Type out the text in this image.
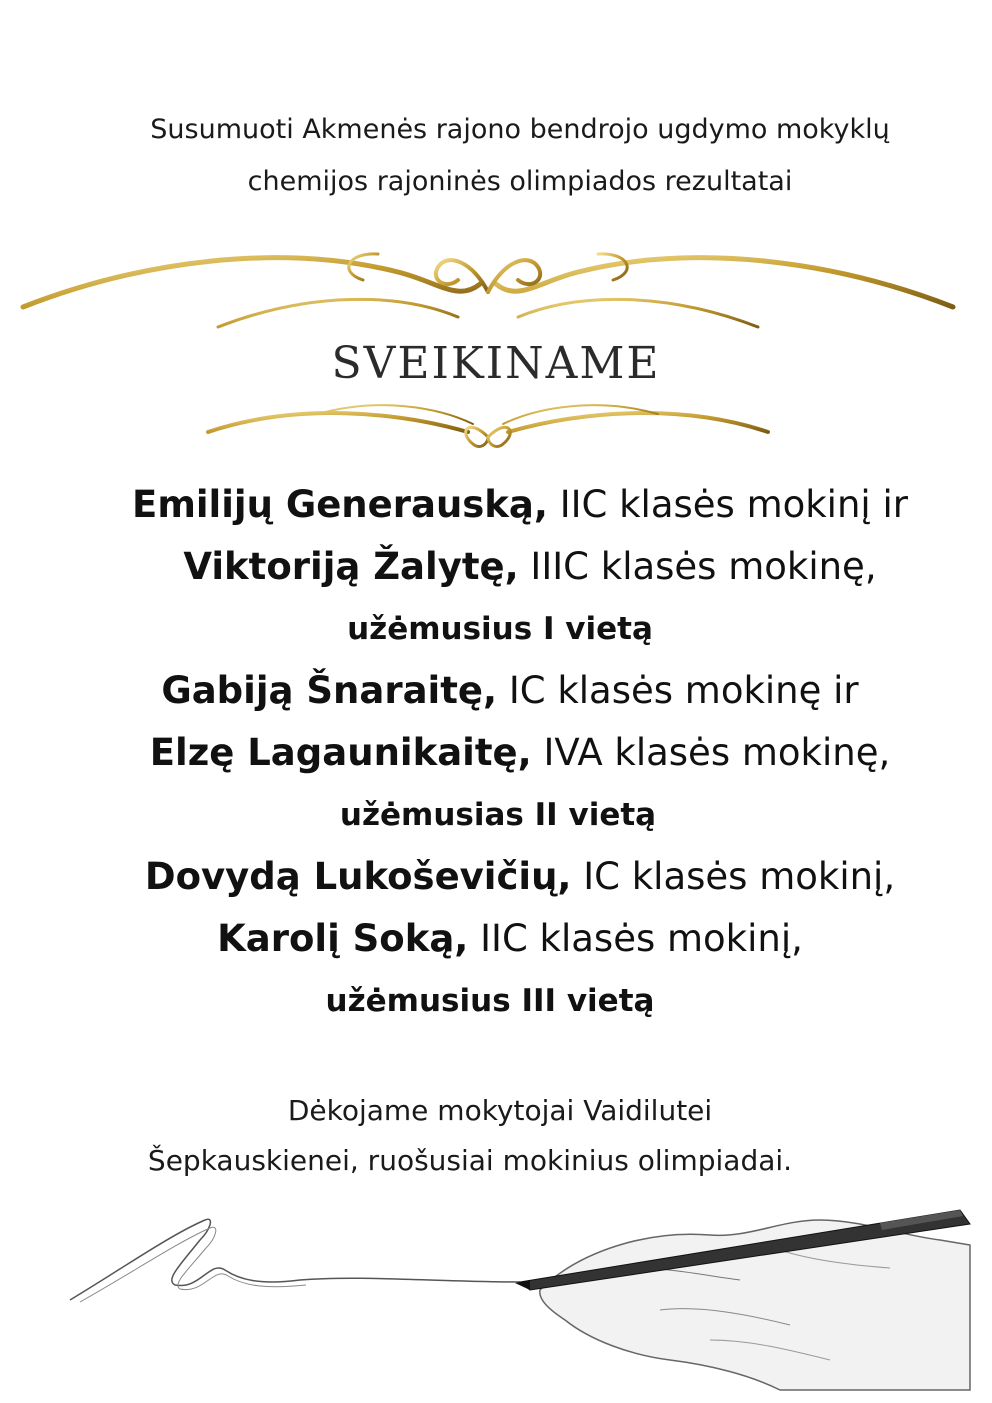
Susumuoti Akmenės rajono bendrojo ugdymo mokyklų
chemijos rajoninės olimpiados rezultatai
SVEIKINAME
Emilijų Generauską, IIC klasės mokinį ir
Viktoriją Žalytę, IIIC klasės mokinę,
užėmusius I vietą
Gabiją Šnaraitę, IC klasės mokinę ir
Elzę Lagaunikaitę, IVA klasės mokinę,
užėmusias II vietą
Dovydą Lukoševičių, IC klasės mokinį,
Karolį Soką, IIC klasės mokinį,
užėmusius III vietą
Dėkojame mokytojai Vaidilutei
Šepkauskienei, ruošusiai mokinius olimpiadai.
